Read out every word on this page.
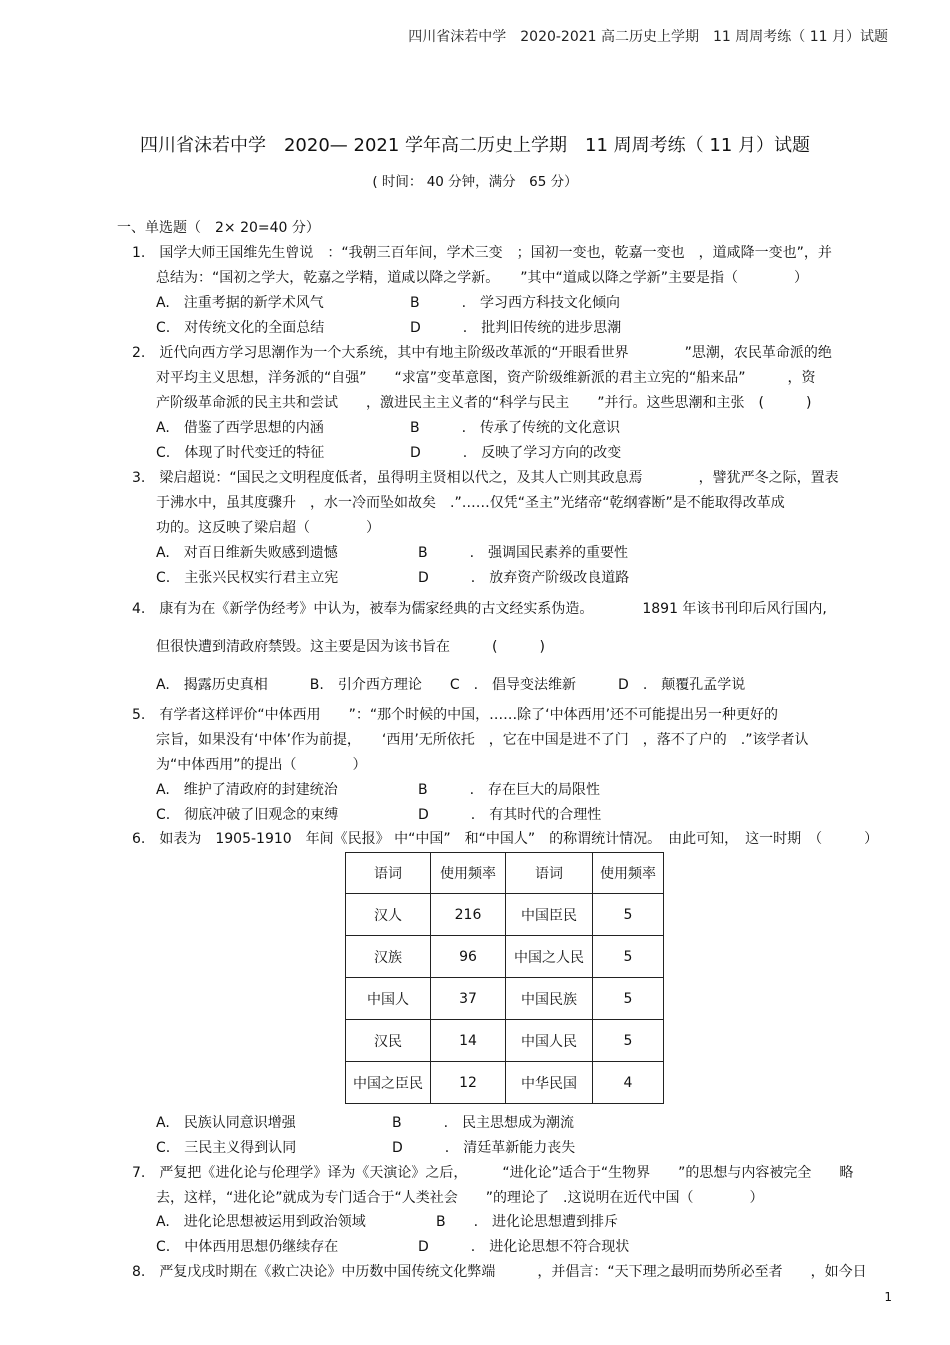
四川省沫若中学　2020-2021 高二历史上学期　11 周周考练（ 11 月）试题
四川省沫若中学　2020— 2021 学年高二历史上学期　11 周周考练（ 11 月）试题
( 时间： 40 分钟，满分　65 分）
一、单选题（　2× 20=40 分）
1.　国学大师王国维先生曾说　：“我朝三百年间，学术三变　；国初一变也，乾嘉一变也　，道咸降一变也”，并
总结为：“国初之学大，乾嘉之学精，道咸以降之学新。　　”其中“道咸以降之学新”主要是指（　　　　）
A.　注重考据的新学术风气	B　　　.　学习西方科技文化倾向
C.　对传统文化的全面总结	D　　　.　批判旧传统的进步思潮
2.　近代向西方学习思潮作为一个大系统，其中有地主阶级改革派的“开眼看世界　　　　”思潮，农民革命派的绝
对平均主义思想，洋务派的“自强”　　“求富”变革意图，资产阶级维新派的君主立宪的“船来品”　　　，资
产阶级革命派的民主共和尝试　　，激进民主主义者的“科学与民主　　”并行。这些思潮和主张　(　　　)
A.　借鉴了西学思想的内涵	B　　　.　传承了传统的文化意识
C.　体现了时代变迁的特征	D　　　.　反映了学习方向的改变
3.　梁启超说：“国民之文明程度低者，虽得明主贤相以代之，及其人亡则其政息焉　　　　，譬犹严冬之际，置表
于沸水中，虽其度骤升　，水一冷而坠如故矣　.”……仅凭“圣主”光绪帝“乾纲睿断”是不能取得改革成
功的。这反映了梁启超（　　　　）
A.　对百日维新失败感到遗憾	B　　　.　强调国民素养的重要性
C.　主张兴民权实行君主立宪	D　　　.　放弃资产阶级改良道路
4.　康有为在《新学伪经考》中认为，被奉为儒家经典的古文经实系伪造。　　　　1891 年该书刊印后风行国内,
但很快遭到清政府禁毁。这主要是因为该书旨在　　　(　　　)
A.　揭露历史真相　　　B.　引介西方理论　　C　.　倡导变法维新　　　D　.　颠覆孔孟学说
5.　有学者这样评价“中体西用　　”：“那个时候的中国，……除了‘中体西用’还不可能提出另一种更好的
宗旨，如果没有‘中体’作为前提，　　‘西用’无所依托　，它在中国是进不了门　，落不了户的　.”该学者认
为“中体西用”的提出（　　　　）
A.　维护了清政府的封建统治	B　　　.　存在巨大的局限性
C.　彻底冲破了旧观念的束缚	D　　　.　有其时代的合理性
6.　如表为　1905-1910　年间《民报》 中“中国”　和“中国人”　的称谓统计情况。　由此可知，　这一时期　（　　　）
语词	使用频率	语词	使用频率
汉人	216	中国臣民	5
汉族	96	中国之人民	5
中国人	37	中国民族	5
汉民	14	中国人民	5
中国之臣民	12	中华民国	4
A.　民族认同意识增强	B　　　.　民主思想成为潮流
C.　三民主义得到认同	D　　　.　清廷革新能力丧失
7.　严复把《进化论与伦理学》译为《天演论》之后，　　　“进化论”适合于“生物界　　”的思想与内容被完全　　略
去，这样，“进化论”就成为专门适合于“人类社会　　”的理论了　.这说明在近代中国（　　　　）
A.　进化论思想被运用到政治领域	B　　.　进化论思想遭到排斥
C.　中体西用思想仍继续存在	D　　　.　进化论思想不符合现状
8.　严复戊戌时期在《救亡决论》中历数中国传统文化弊端　　　，并倡言：“天下理之最明而势所必至者　　，如今日
1
